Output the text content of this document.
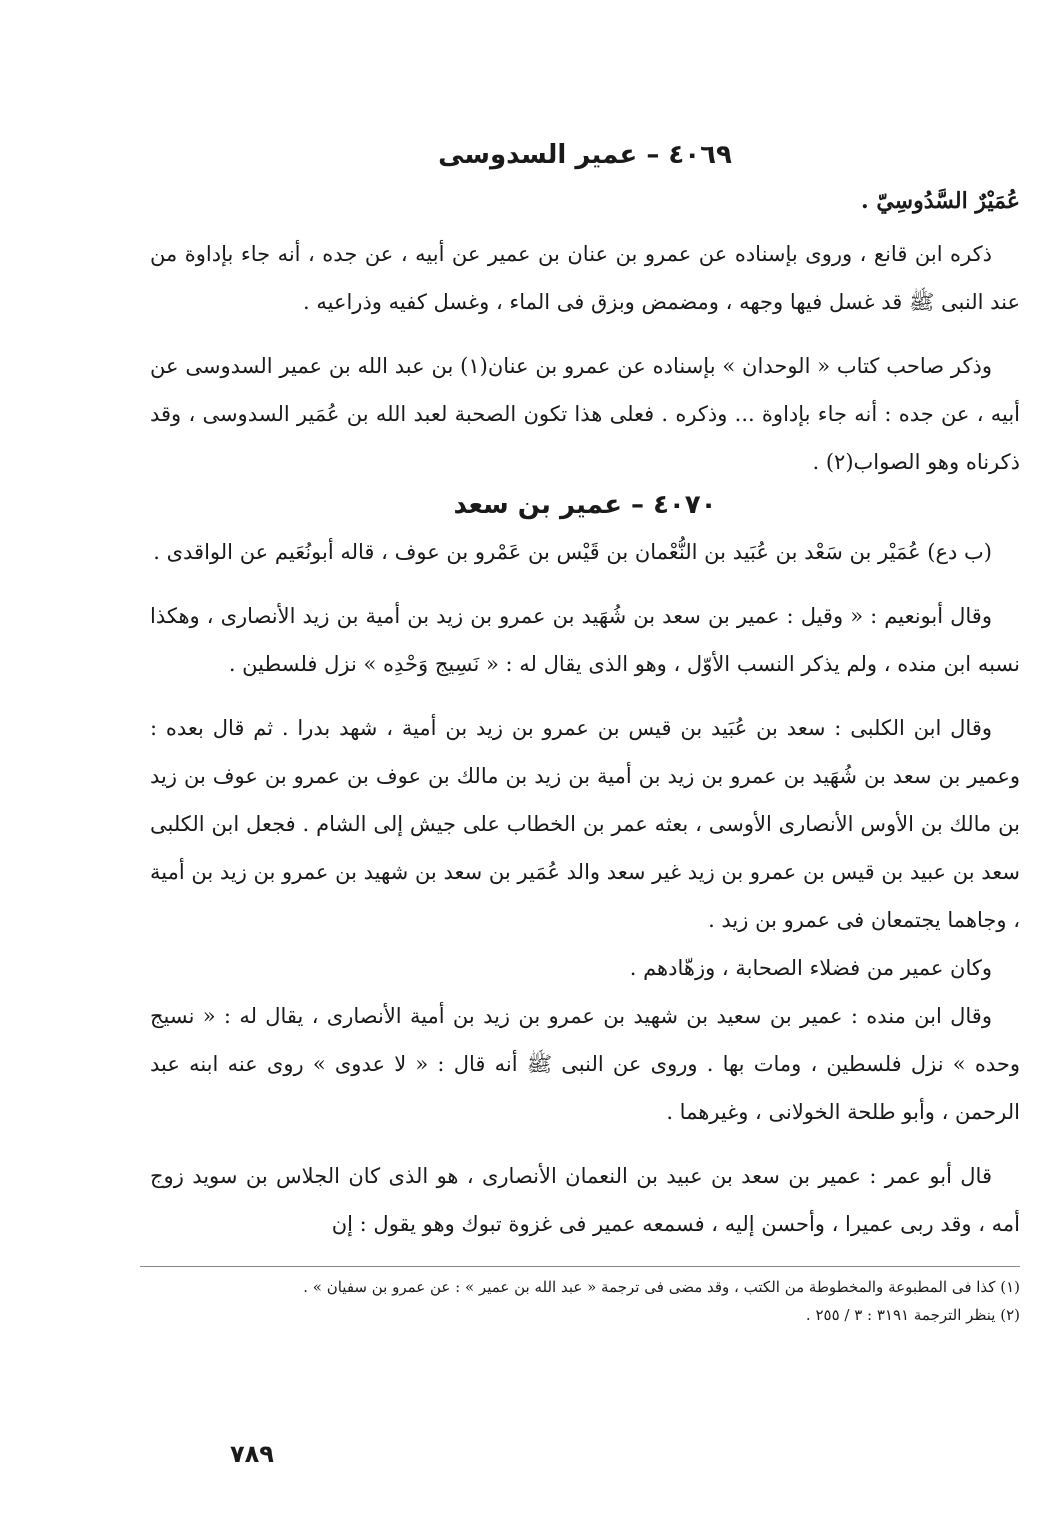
٤٠٦٩ – عمير السدوسى
عُمَيْرٌ السَّدُوسِيّ .

ذكره ابن قانع ، وروى بإسناده عن عمرو بن عنان بن عمير عن أبيه ، عن جده ، أنه جاء بإداوة من عند النبى ﷺ قد غسل فيها وجهه ، ومضمض وبزق فى الماء ، وغسل كفيه وذراعيه .

وذكر صاحب كتاب « الوحدان » بإسناده عن عمرو بن عنان(١) بن عبد الله بن عمير السدوسى عن أبيه ، عن جده : أنه جاء بإداوة ... وذكره . فعلى هذا تكون الصحبة لعبد الله بن عُمَير السدوسى ، وقد ذكرناه وهو الصواب(٢) .

٤٠٧٠ – عمير بن سعد

(ب دع) عُمَيْر بن سَعْد بن عُبَيد بن النُّعْمان بن قَيْس بن عَمْرو بن عوف ، قاله أبونُعَيم عن الواقدى .

وقال أبونعيم : « وقيل : عمير بن سعد بن شُهَيد بن عمرو بن زيد بن أمية بن زيد الأنصارى ، وهكذا نسبه ابن منده ، ولم يذكر النسب الأوّل ، وهو الذى يقال له : « نَسِيج وَحْدِه » نزل فلسطين .

وقال ابن الكلبى : سعد بن عُبَيد بن قيس بن عمرو بن زيد بن أمية ، شهد بدرا . ثم قال بعده : وعمير بن سعد بن شُهَيد بن عمرو بن زيد بن أمية بن زيد بن مالك بن عوف بن عمرو بن عوف بن زيد بن مالك بن الأوس الأنصارى الأوسى ، بعثه عمر بن الخطاب على جيش إلى الشام . فجعل ابن الكلبى سعد بن عبيد بن قيس بن عمرو بن زيد غير سعد والد عُمَير بن سعد بن شهيد بن عمرو بن زيد بن أمية ، وجاهما يجتمعان فى عمرو بن زيد .

وكان عمير من فضلاء الصحابة ، وزهّادهم .

وقال ابن منده : عمير بن سعيد بن شهيد بن عمرو بن زيد بن أمية الأنصارى ، يقال له : « نسيج وحده » نزل فلسطين ، ومات بها . وروى عن النبى ﷺ أنه قال : « لا عدوى » روى عنه ابنه عبد الرحمن ، وأبو طلحة الخولانى ، وغيرهما .

قال أبو عمر : عمير بن سعد بن عبيد بن النعمان الأنصارى ، هو الذى كان الجلاس بن سويد زوج أمه ، وقد ربى عميرا ، وأحسن إليه ، فسمعه عمير فى غزوة تبوك وهو يقول : إن

(١) كذا فى المطبوعة والمخطوطة من الكتب ، وقد مضى فى ترجمة « عبد الله بن عمير » : عن عمرو بن سفيان » .

(٢) ينظر الترجمة ٣١٩١ : ٣ / ٢٥٥ .

٧٨٩
